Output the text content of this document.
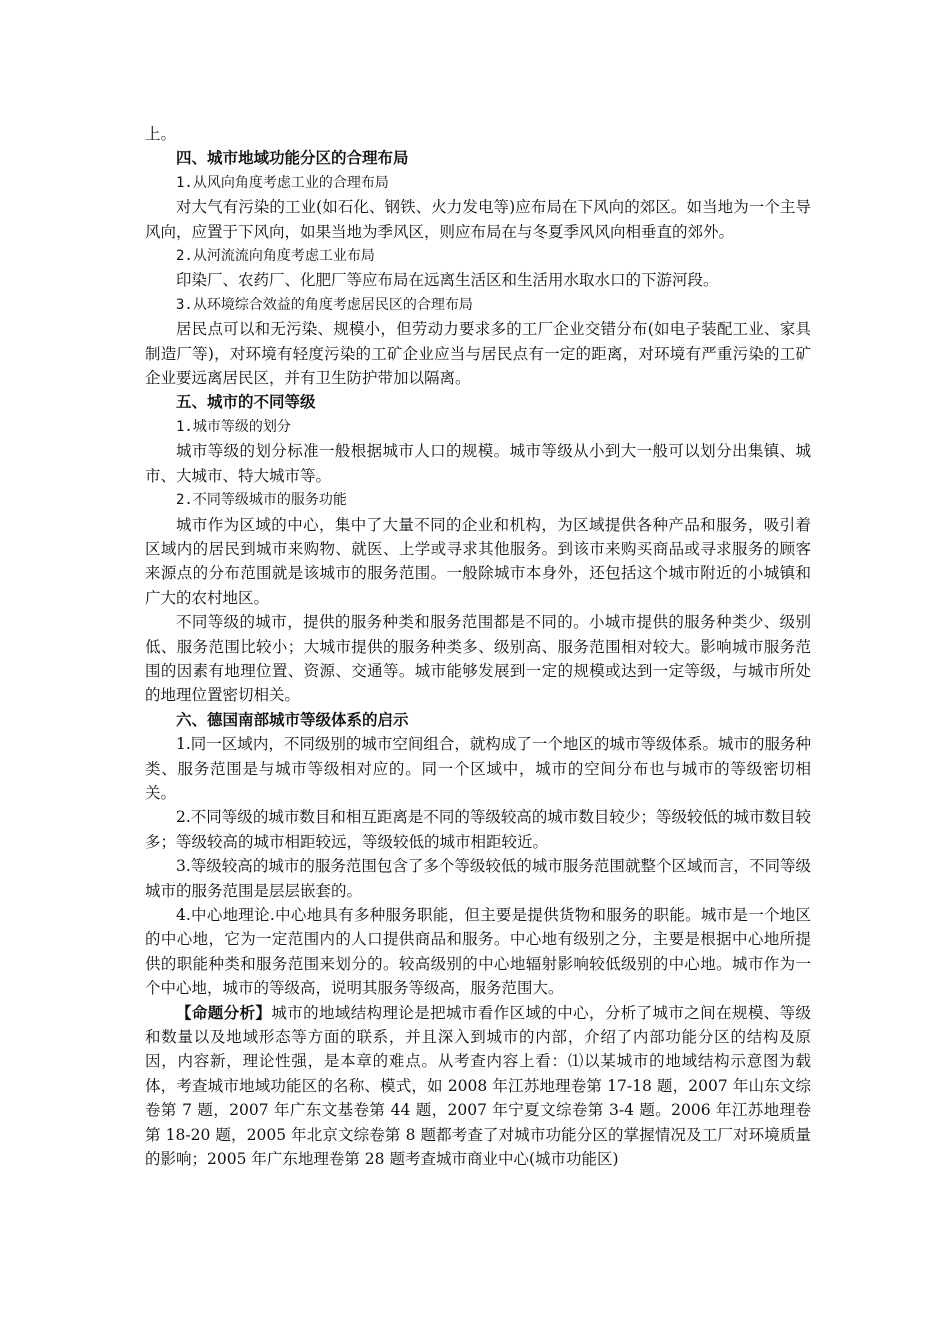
上。

四、城市地域功能分区的合理布局

1.从风向角度考虑工业的合理布局

对大气有污染的工业(如石化、钢铁、火力发电等)应布局在下风向的郊区。如当地为一个主导风向，应置于下风向，如果当地为季风区，则应布局在与冬夏季风风向相垂直的郊外。

2.从河流流向角度考虑工业布局

印染厂、农药厂、化肥厂等应布局在远离生活区和生活用水取水口的下游河段。

3.从环境综合效益的角度考虑居民区的合理布局

居民点可以和无污染、规模小，但劳动力要求多的工厂企业交错分布(如电子装配工业、家具制造厂等)，对环境有轻度污染的工矿企业应当与居民点有一定的距离，对环境有严重污染的工矿企业要远离居民区，并有卫生防护带加以隔离。

五、城市的不同等级

1.城市等级的划分

城市等级的划分标准一般根据城市人口的规模。城市等级从小到大一般可以划分出集镇、城市、大城市、特大城市等。

2.不同等级城市的服务功能

城市作为区域的中心，集中了大量不同的企业和机构，为区域提供各种产品和服务，吸引着区域内的居民到城市来购物、就医、上学或寻求其他服务。到该市来购买商品或寻求服务的顾客来源点的分布范围就是该城市的服务范围。一般除城市本身外，还包括这个城市附近的小城镇和广大的农村地区。

不同等级的城市，提供的服务种类和服务范围都是不同的。小城市提供的服务种类少、级别低、服务范围比较小；大城市提供的服务种类多、级别高、服务范围相对较大。影响城市服务范围的因素有地理位置、资源、交通等。城市能够发展到一定的规模或达到一定等级，与城市所处的地理位置密切相关。

六、德国南部城市等级体系的启示

1.同一区域内，不同级别的城市空间组合，就构成了一个地区的城市等级体系。城市的服务种类、服务范围是与城市等级相对应的。同一个区域中，城市的空间分布也与城市的等级密切相关。

2.不同等级的城市数目和相互距离是不同的等级较高的城市数目较少；等级较低的城市数目较多；等级较高的城市相距较远，等级较低的城市相距较近。

3.等级较高的城市的服务范围包含了多个等级较低的城市服务范围就整个区域而言，不同等级城市的服务范围是层层嵌套的。

4.中心地理论.中心地具有多种服务职能，但主要是提供货物和服务的职能。城市是一个地区的中心地，它为一定范围内的人口提供商品和服务。中心地有级别之分，主要是根据中心地所提供的职能种类和服务范围来划分的。较高级别的中心地辐射影响较低级别的中心地。城市作为一个中心地，城市的等级高，说明其服务等级高，服务范围大。

【命题分析】城市的地域结构理论是把城市看作区域的中心，分析了城市之间在规模、等级和数量以及地域形态等方面的联系，并且深入到城市的内部，介绍了内部功能分区的结构及原因，内容新，理论性强，是本章的难点。从考查内容上看：⑴以某城市的地域结构示意图为载体，考查城市地域功能区的名称、模式，如 2008 年江苏地理卷第 17-18 题，2007 年山东文综卷第 7 题，2007 年广东文基卷第 44 题，2007 年宁夏文综卷第 3-4 题。2006 年江苏地理卷第 18-20 题，2005 年北京文综卷第 8 题都考查了对城市功能分区的掌握情况及工厂对环境质量的影响；2005 年广东地理卷第 28 题考查城市商业中心(城市功能区)
